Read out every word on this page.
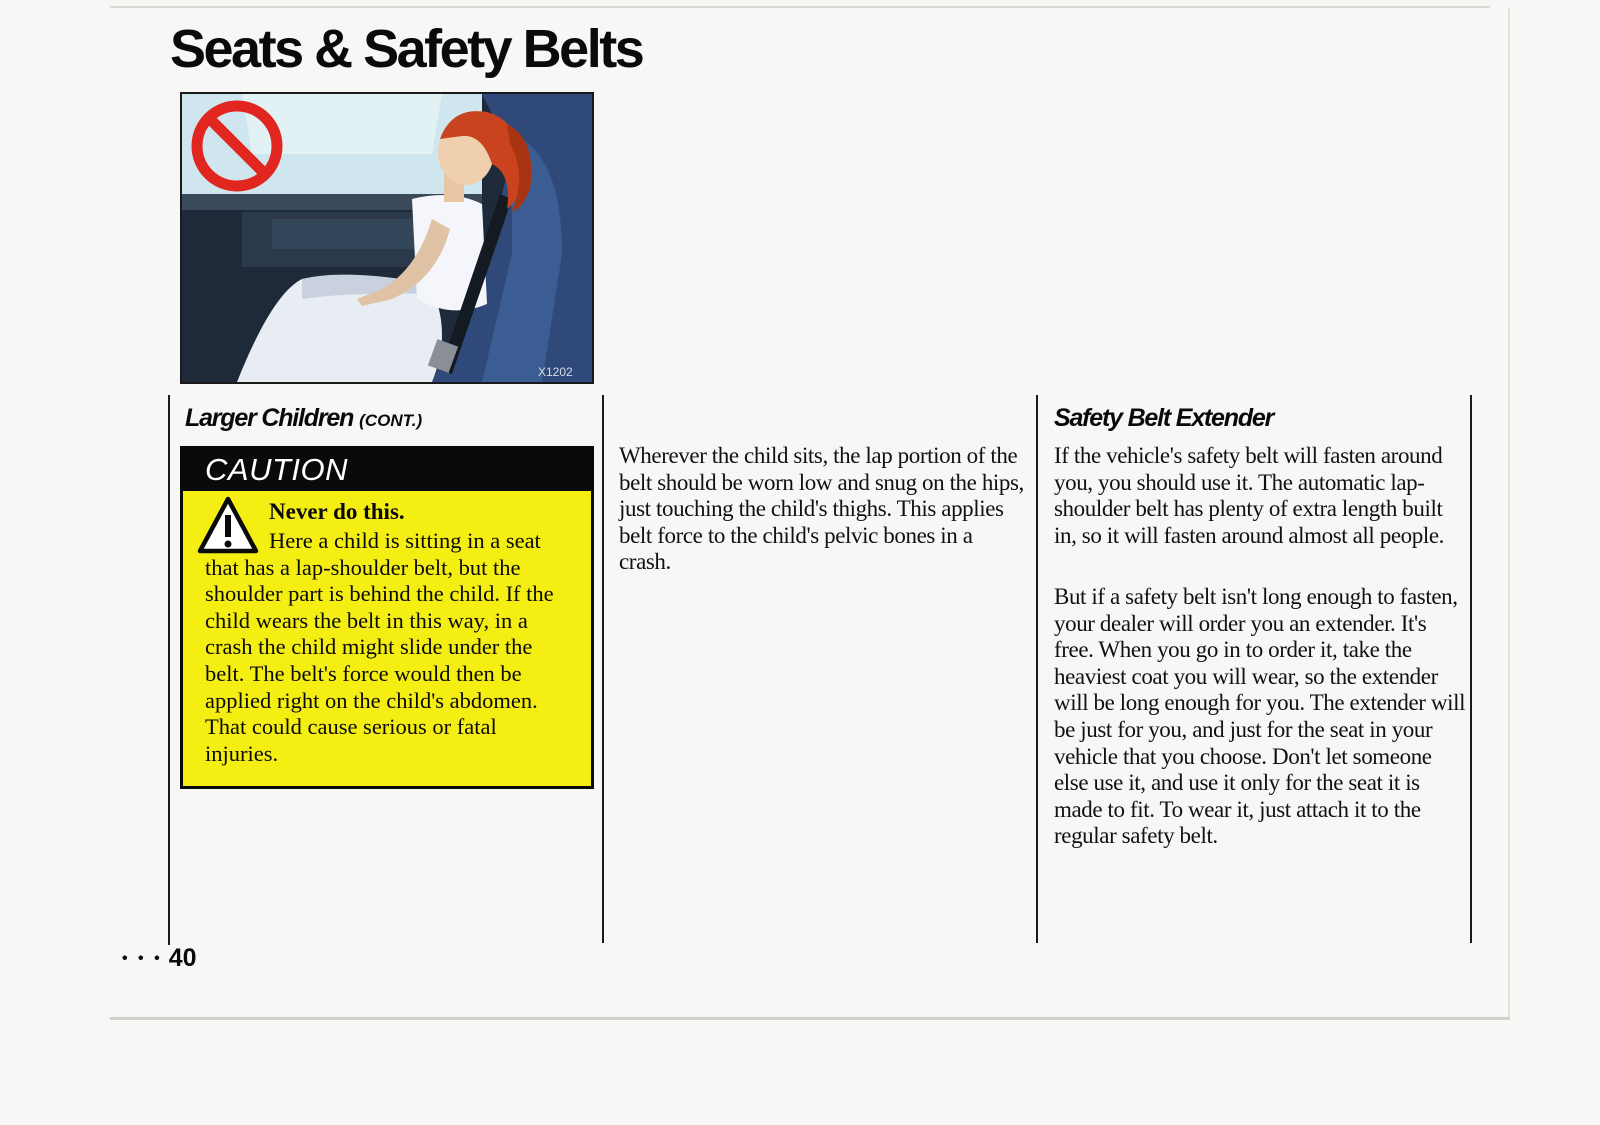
Seats & Safety Belts
X1202
Larger Children (CONT.)
CAUTION

Never do this.

Here a child is sitting in a seat that has a lap-shoulder belt, but the shoulder part is behind the child. If the child wears the belt in this way, in a crash the child might slide under the belt. The belt's force would then be applied right on the child's abdomen. That could cause serious or fatal injuries.

Wherever the child sits, the lap portion of the belt should be worn low and snug on the hips, just touching the child's thighs. This applies belt force to the child's pelvic bones in a crash.

Safety Belt Extender

If the vehicle's safety belt will fasten around you, you should use it. The automatic lap-shoulder belt has plenty of extra length built in, so it will fasten around almost all people.

But if a safety belt isn't long enough to fasten, your dealer will order you an extender. It's free. When you go in to order it, take the heaviest coat you will wear, so the extender will be long enough for you. The extender will be just for you, and just for the seat in your vehicle that you choose. Don't let someone else use it, and use it only for the seat it is made to fit. To wear it, just attach it to the regular safety belt.

• • • 40
